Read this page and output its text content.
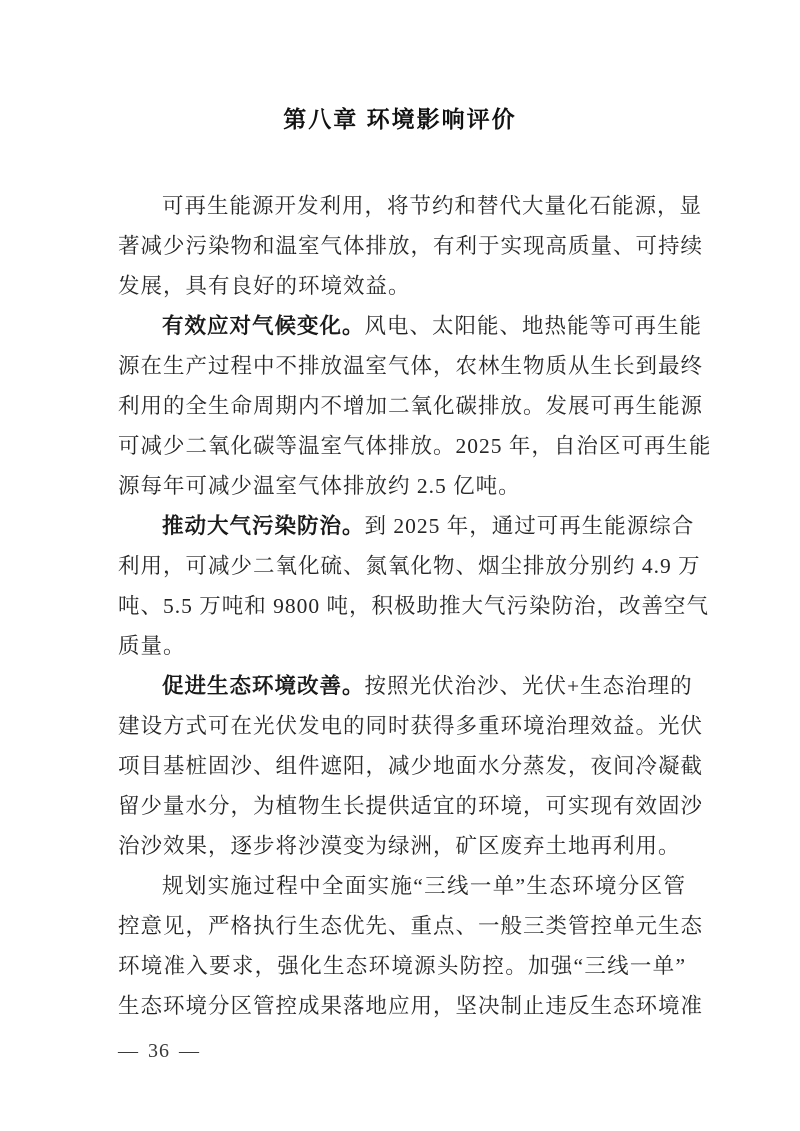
第八章 环境影响评价
可再生能源开发利用，将节约和替代大量化石能源，显
著减少污染物和温室气体排放，有利于实现高质量、可持续
发展，具有良好的环境效益。
有效应对气候变化。风电、太阳能、地热能等可再生能
源在生产过程中不排放温室气体，农林生物质从生长到最终
利用的全生命周期内不增加二氧化碳排放。发展可再生能源
可减少二氧化碳等温室气体排放。2025 年，自治区可再生能
源每年可减少温室气体排放约 2.5 亿吨。
推动大气污染防治。到 2025 年，通过可再生能源综合
利用，可减少二氧化硫、氮氧化物、烟尘排放分别约 4.9 万
吨、5.5 万吨和 9800 吨，积极助推大气污染防治，改善空气
质量。
促进生态环境改善。按照光伏治沙、光伏+生态治理的
建设方式可在光伏发电的同时获得多重环境治理效益。光伏
项目基桩固沙、组件遮阳，减少地面水分蒸发，夜间冷凝截
留少量水分，为植物生长提供适宜的环境，可实现有效固沙
治沙效果，逐步将沙漠变为绿洲，矿区废弃土地再利用。
规划实施过程中全面实施“三线一单”生态环境分区管
控意见，严格执行生态优先、重点、一般三类管控单元生态
环境准入要求，强化生态环境源头防控。加强“三线一单”
生态环境分区管控成果落地应用，坚决制止违反生态环境准
— 36 —
